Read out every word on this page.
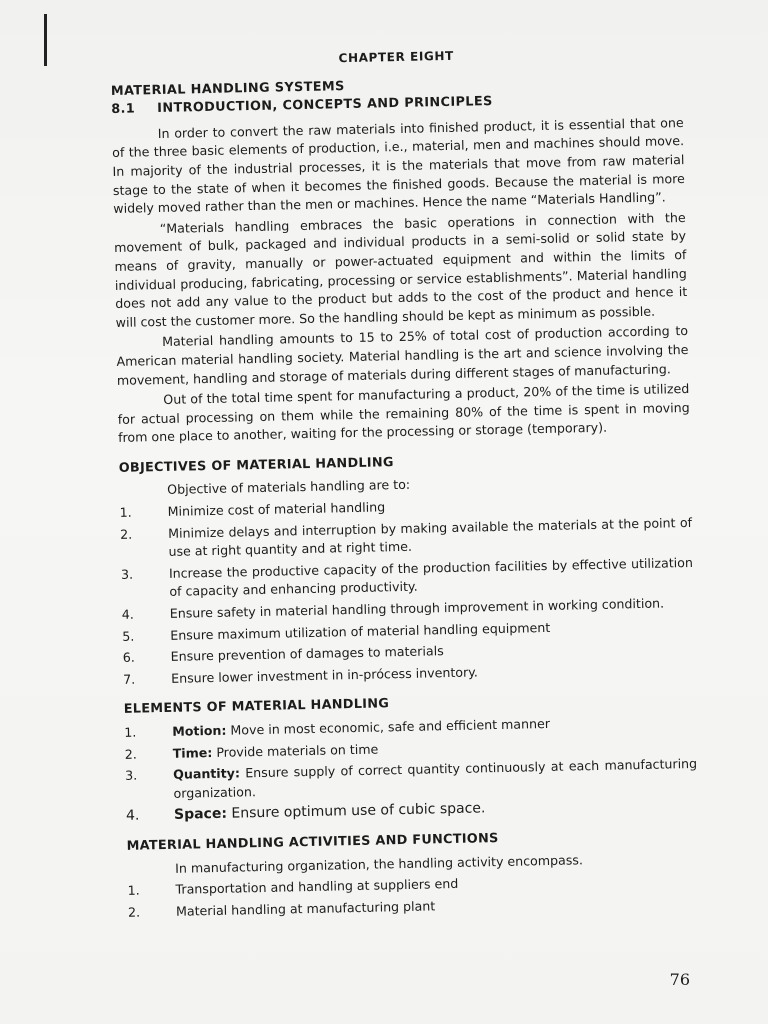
CHAPTER EIGHT
MATERIAL HANDLING SYSTEMS
8.1 INTRODUCTION, CONCEPTS AND PRINCIPLES

In order to convert the raw materials into finished product, it is essential that one of the three basic elements of production, i.e., material, men and machines should move. In majority of the industrial processes, it is the materials that move from raw material stage to the state of when it becomes the finished goods. Because the material is more widely moved rather than the men or machines. Hence the name “Materials Handling”.

“Materials handling embraces the basic operations in connection with the movement of bulk, packaged and individual products in a semi-solid or solid state by means of gravity, manually or power-actuated equipment and within the limits of individual producing, fabricating, processing or service establishments”. Material handling does not add any value to the product but adds to the cost of the product and hence it will cost the customer more. So the handling should be kept as minimum as possible.

Material handling amounts to 15 to 25% of total cost of production according to American material handling society. Material handling is the art and science involving the movement, handling and storage of materials during different stages of manufacturing.

Out of the total time spent for manufacturing a product, 20% of the time is utilized for actual processing on them while the remaining 80% of the time is spent in moving from one place to another, waiting for the processing or storage (temporary).

OBJECTIVES OF MATERIAL HANDLING
Objective of materials handling are to:
1.	Minimize cost of material handling
2.	Minimize delays and interruption by making available the materials at the point of use at right quantity and at right time.
3.	Increase the productive capacity of the production facilities by effective utilization of capacity and enhancing productivity.
4.	Ensure safety in material handling through improvement in working condition.
5.	Ensure maximum utilization of material handling equipment
6.	Ensure prevention of damages to materials
7.	Ensure lower investment in in-prócess inventory.
ELEMENTS OF MATERIAL HANDLING
1.	Motion: Move in most economic, safe and efficient manner
2.	Time: Provide materials on time
3.	Quantity: Ensure supply of correct quantity continuously at each manufacturing organization.
4.	Space: Ensure optimum use of cubic space.
MATERIAL HANDLING ACTIVITIES AND FUNCTIONS
In manufacturing organization, the handling activity encompass.
1.	Transportation and handling at suppliers end
2.	Material handling at manufacturing plant
76
